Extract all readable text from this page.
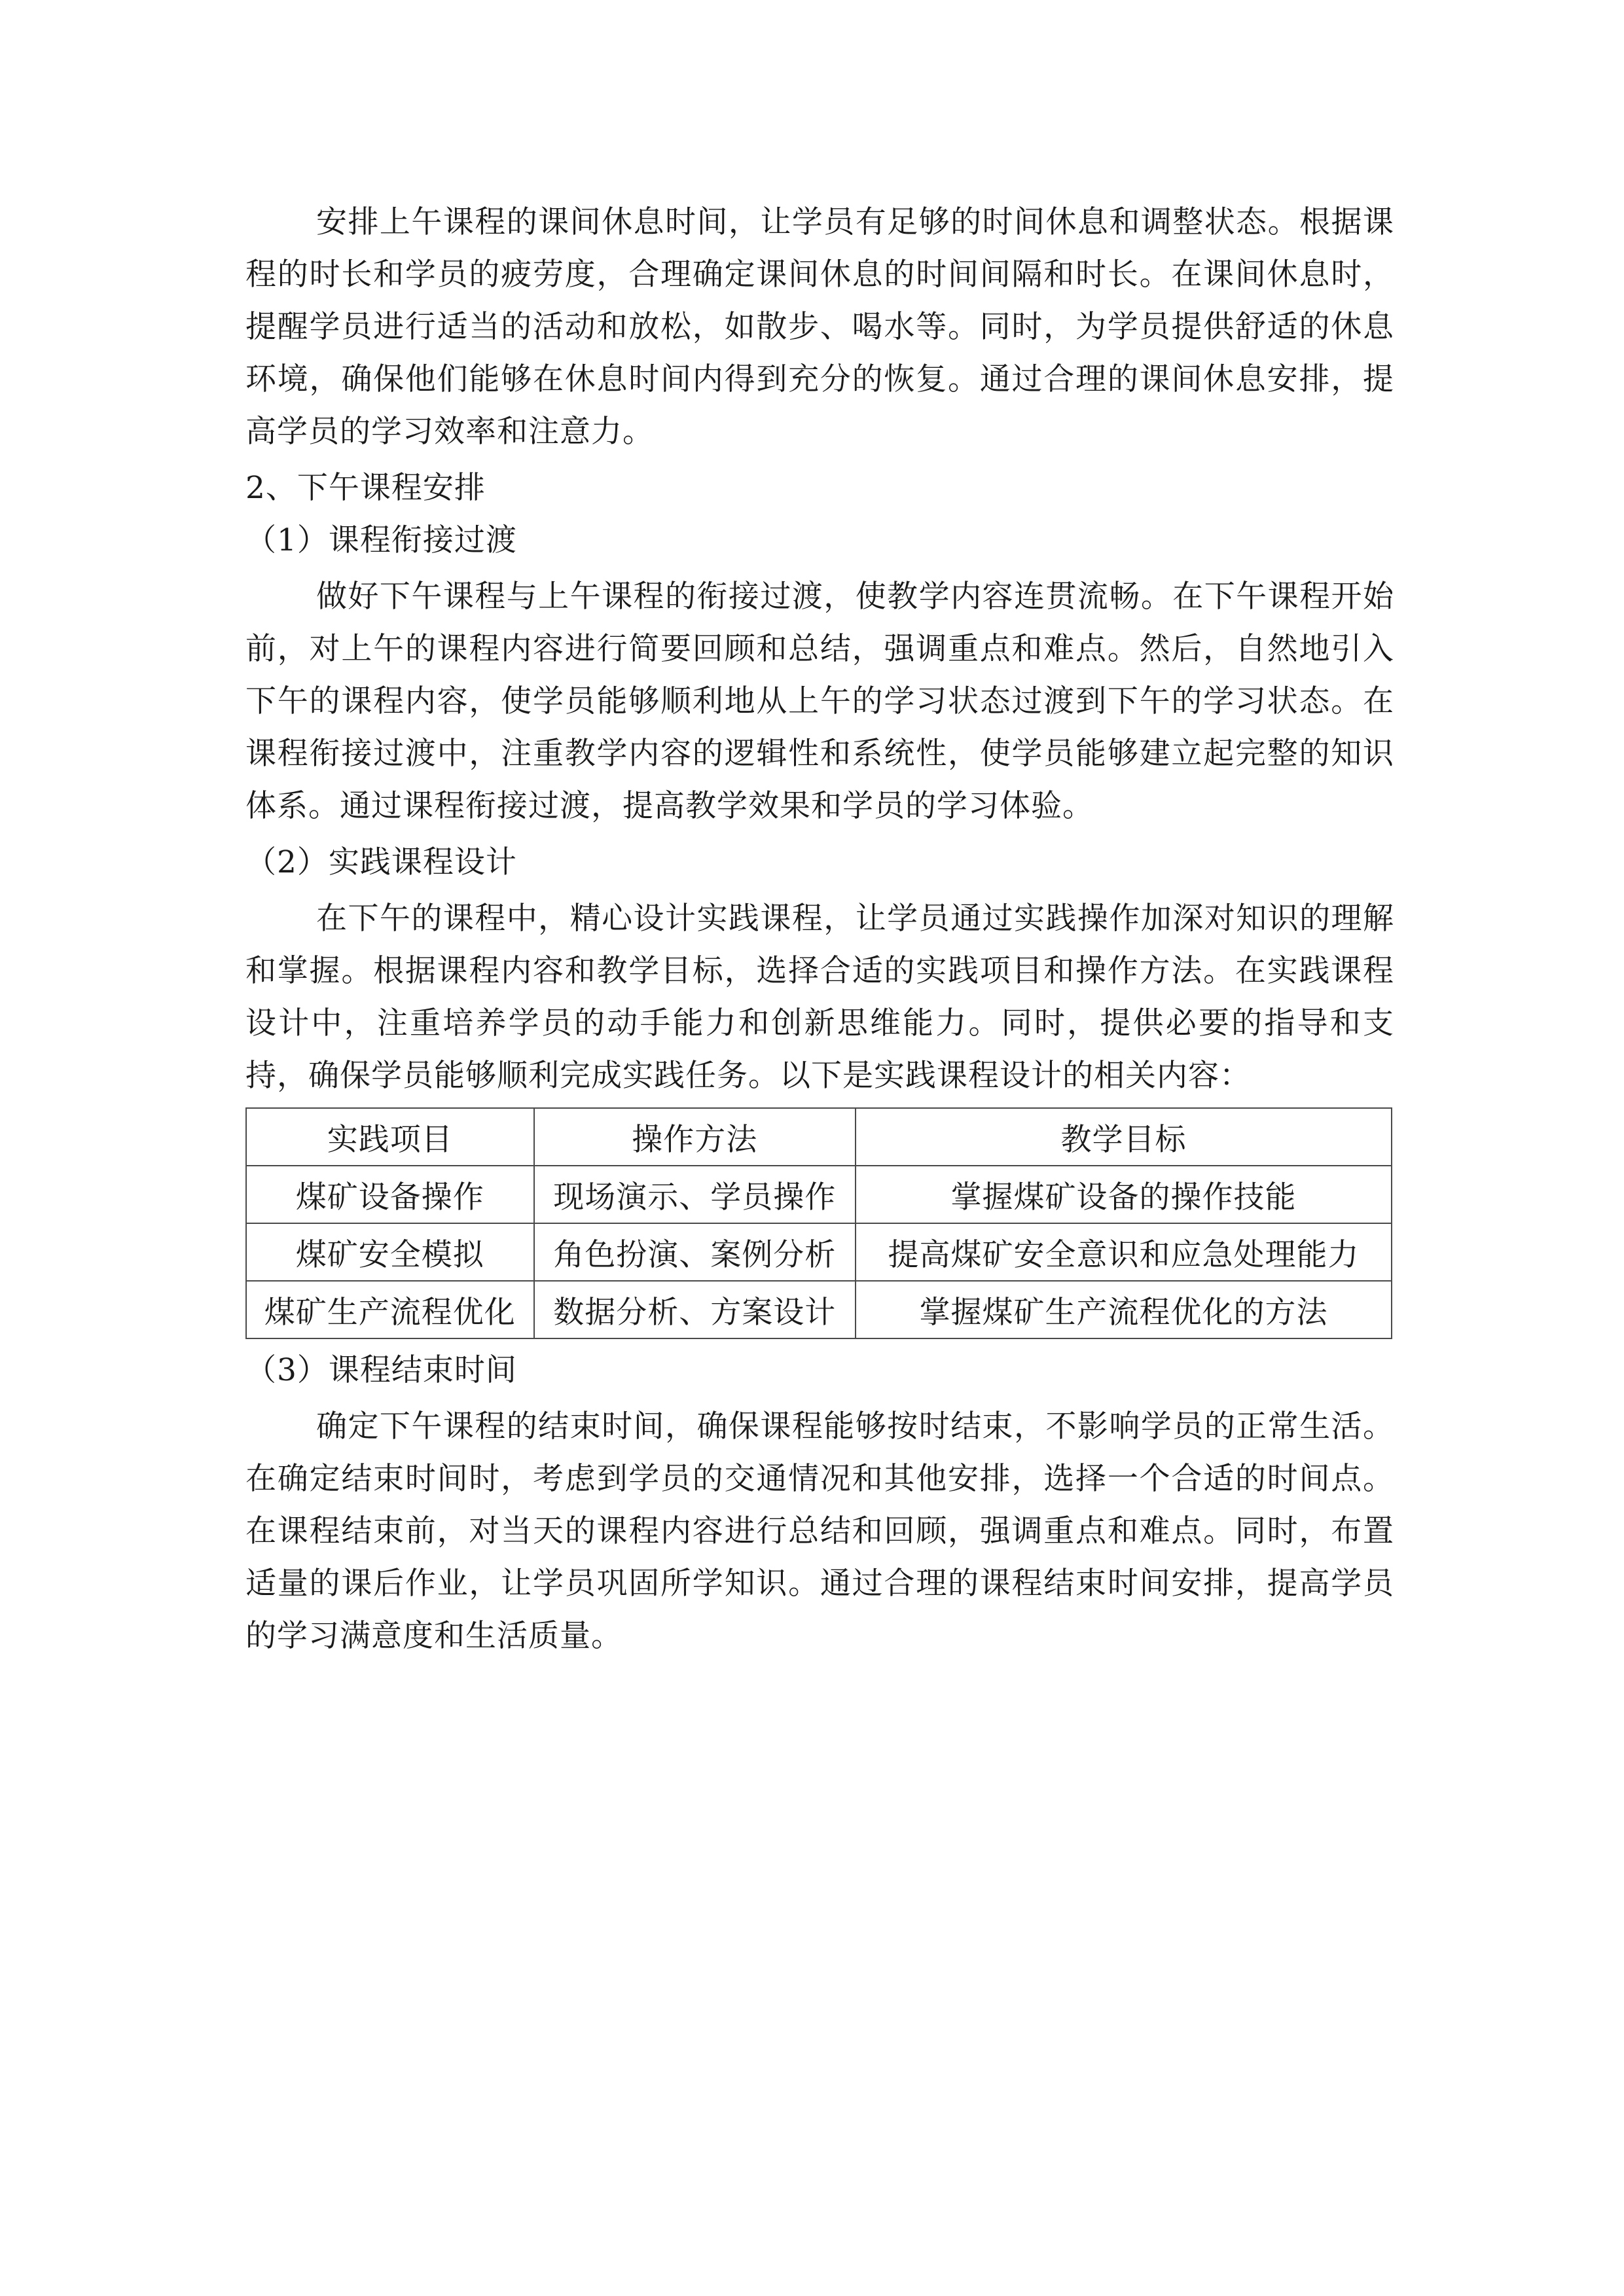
安排上午课程的课间休息时间，让学员有足够的时间休息和调整状态。根据课程的时长和学员的疲劳度，合理确定课间休息的时间间隔和时长。在课间休息时，提醒学员进行适当的活动和放松，如散步、喝水等。同时，为学员提供舒适的休息环境，确保他们能够在休息时间内得到充分的恢复。通过合理的课间休息安排，提高学员的学习效率和注意力。

2、下午课程安排

（1）课程衔接过渡

做好下午课程与上午课程的衔接过渡，使教学内容连贯流畅。在下午课程开始前，对上午的课程内容进行简要回顾和总结，强调重点和难点。然后，自然地引入下午的课程内容，使学员能够顺利地从上午的学习状态过渡到下午的学习状态。在课程衔接过渡中，注重教学内容的逻辑性和系统性，使学员能够建立起完整的知识体系。通过课程衔接过渡，提高教学效果和学员的学习体验。

（2）实践课程设计

在下午的课程中，精心设计实践课程，让学员通过实践操作加深对知识的理解和掌握。根据课程内容和教学目标，选择合适的实践项目和操作方法。在实践课程设计中，注重培养学员的动手能力和创新思维能力。同时，提供必要的指导和支持，确保学员能够顺利完成实践任务。以下是实践课程设计的相关内容：

实践项目	操作方法	教学目标
煤矿设备操作	现场演示、学员操作	掌握煤矿设备的操作技能
煤矿安全模拟	角色扮演、案例分析	提高煤矿安全意识和应急处理能力
煤矿生产流程优化	数据分析、方案设计	掌握煤矿生产流程优化的方法

（3）课程结束时间

确定下午课程的结束时间，确保课程能够按时结束，不影响学员的正常生活。在确定结束时间时，考虑到学员的交通情况和其他安排，选择一个合适的时间点。在课程结束前，对当天的课程内容进行总结和回顾，强调重点和难点。同时，布置适量的课后作业，让学员巩固所学知识。通过合理的课程结束时间安排，提高学员的学习满意度和生活质量。
